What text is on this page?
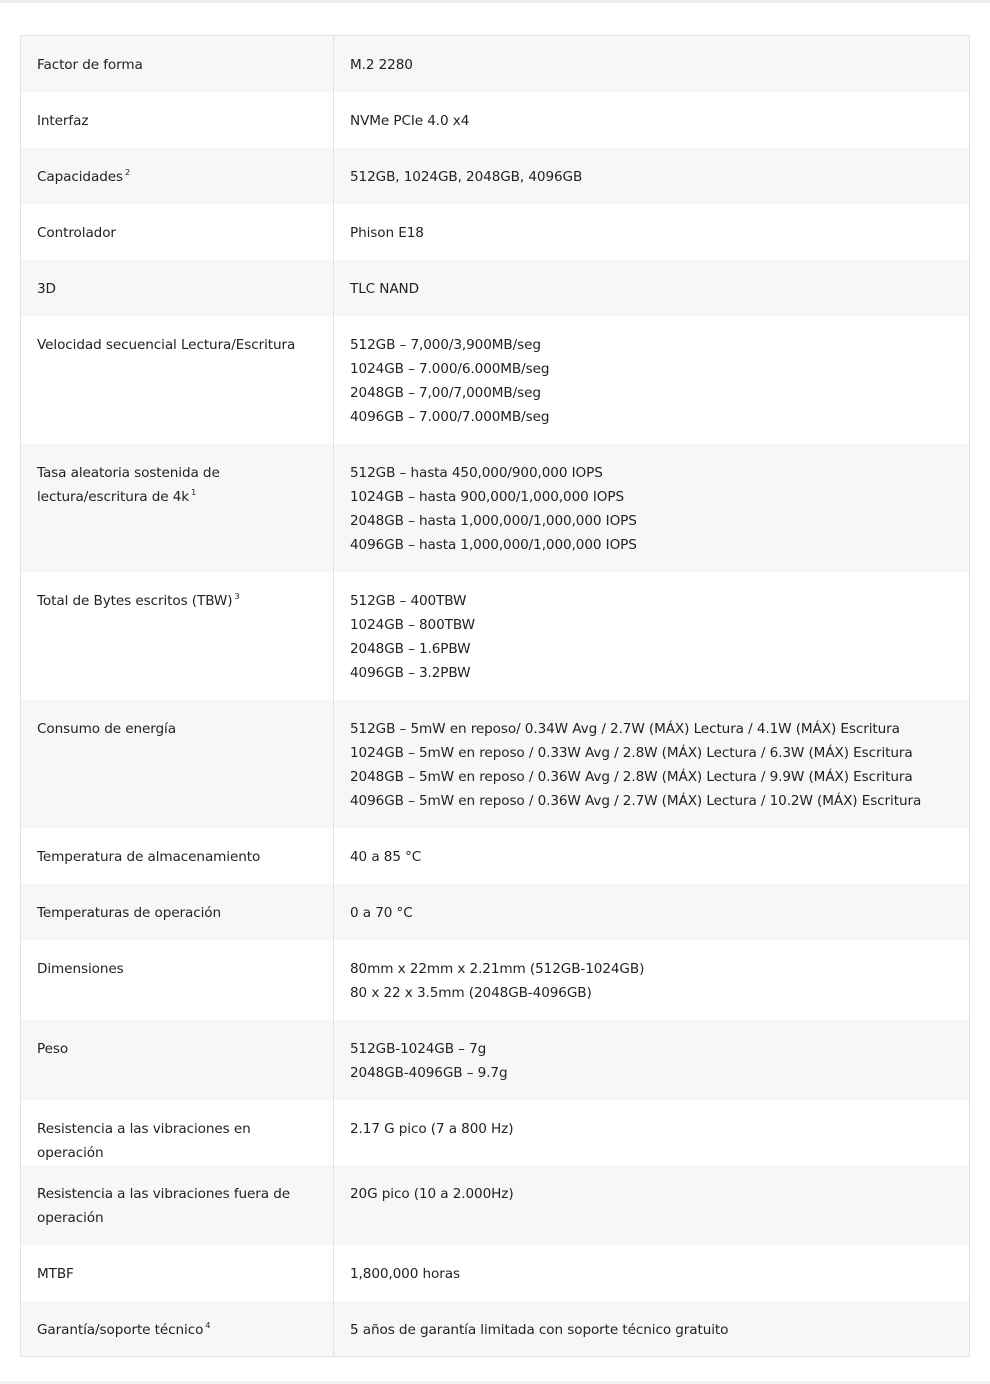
Factor de forma	M.2 2280

Interfaz	NVMe PCIe 4.0 x4

Capacidades $^2$	512GB, 1024GB, 2048GB, 4096GB

Controlador	Phison E18

3D	TLC NAND

Velocidad secuencial Lectura/Escritura	512GB – 7,000/3,900MB/seg
1024GB – 7.000/6.000MB/seg
2048GB – 7,00/7,000MB/seg
4096GB – 7.000/7.000MB/seg

Tasa aleatoria sostenida de lectura/escritura de 4k $^1$	512GB – hasta 450,000/900,000 IOPS
1024GB – hasta 900,000/1,000,000 IOPS
2048GB – hasta 1,000,000/1,000,000 IOPS
4096GB – hasta 1,000,000/1,000,000 IOPS

Total de Bytes escritos (TBW) $^3$	512GB – 400TBW
1024GB – 800TBW
2048GB – 1.6PBW
4096GB – 3.2PBW

Consumo de energía	512GB – 5mW en reposo/ 0.34W Avg / 2.7W (MÁX) Lectura / 4.1W (MÁX) Escritura
1024GB – 5mW en reposo / 0.33W Avg / 2.8W (MÁX) Lectura / 6.3W (MÁX) Escritura
2048GB – 5mW en reposo / 0.36W Avg / 2.8W (MÁX) Lectura / 9.9W (MÁX) Escritura
4096GB – 5mW en reposo / 0.36W Avg / 2.7W (MÁX) Lectura / 10.2W (MÁX) Escritura

Temperatura de almacenamiento	40 a 85 °C

Temperaturas de operación	0 a 70 °C

Dimensiones	80mm x 22mm x 2.21mm (512GB-1024GB)
80 x 22 x 3.5mm (2048GB-4096GB)

Peso	512GB-1024GB – 7g
2048GB-4096GB – 9.7g

Resistencia a las vibraciones en operación	2.17 G pico (7 a 800 Hz)

Resistencia a las vibraciones fuera de operación	20G pico (10 a 2.000Hz)

MTBF	1,800,000 horas

Garantía/soporte técnico $^4$	5 años de garantía limitada con soporte técnico gratuito
